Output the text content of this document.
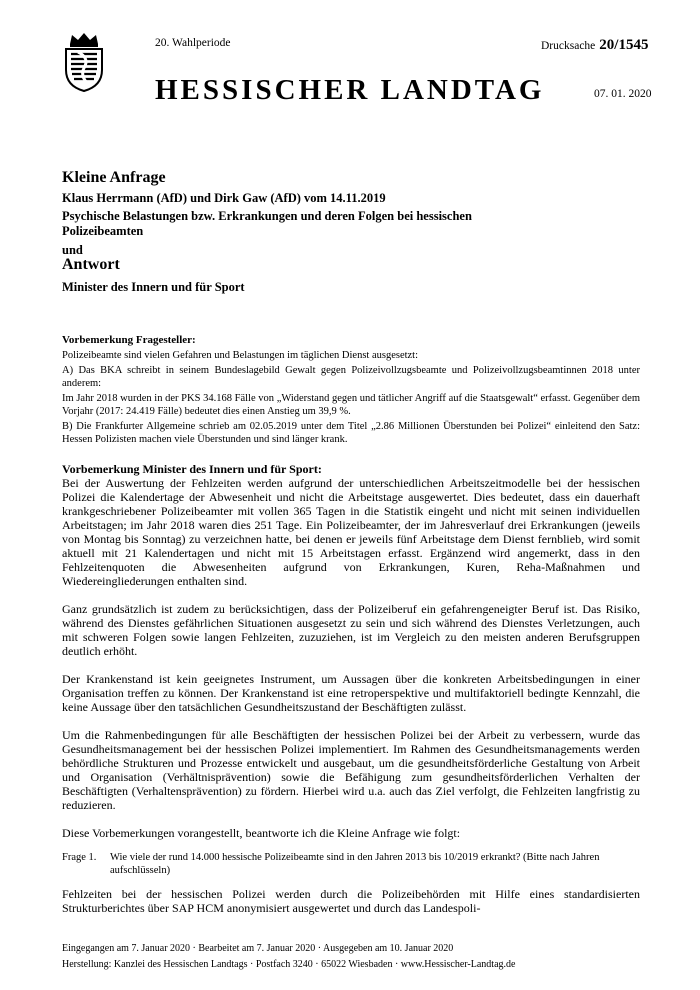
20. Wahlperiode	Drucksache 20/1545
HESSISCHER LANDTAG	07. 01. 2020
Kleine Anfrage
Klaus Herrmann (AfD) und Dirk Gaw (AfD) vom 14.11.2019
Psychische Belastungen bzw. Erkrankungen und deren Folgen bei hessischen Polizeibeamten
und
Antwort
Minister des Innern und für Sport

Vorbemerkung Fragesteller:

Polizeibeamte sind vielen Gefahren und Belastungen im täglichen Dienst ausgesetzt:

A) Das BKA schreibt in seinem Bundeslagebild Gewalt gegen Polizeivollzugsbeamte und Polizeivollzugsbeamtinnen 2018 unter anderem:

Im Jahr 2018 wurden in der PKS 34.168 Fälle von „Widerstand gegen und tätlicher Angriff auf die Staatsgewalt“ erfasst. Gegenüber dem Vorjahr (2017: 24.419 Fälle) bedeutet dies einen Anstieg um 39,9 %.

B) Die Frankfurter Allgemeine schrieb am 02.05.2019 unter dem Titel „2.86 Millionen Überstunden bei Polizei“ einleitend den Satz: Hessen Polizisten machen viele Überstunden und sind länger krank.

Vorbemerkung Minister des Innern und für Sport:

Bei der Auswertung der Fehlzeiten werden aufgrund der unterschiedlichen Arbeitszeitmodelle bei der hessischen Polizei die Kalendertage der Abwesenheit und nicht die Arbeitstage ausgewertet. Dies bedeutet, dass ein dauerhaft krankgeschriebener Polizeibeamter mit vollen 365 Tagen in die Statistik eingeht und nicht mit seinen individuellen Arbeitstagen; im Jahr 2018 waren dies 251 Tage. Ein Polizeibeamter, der im Jahresverlauf drei Erkrankungen (jeweils von Montag bis Sonntag) zu verzeichnen hatte, bei denen er jeweils fünf Arbeitstage dem Dienst fernblieb, wird somit aktuell mit 21 Kalendertagen und nicht mit 15 Arbeitstagen erfasst. Ergänzend wird angemerkt, dass in den Fehlzeitenquoten die Abwesenheiten aufgrund von Erkrankungen, Kuren, Reha-Maßnahmen und Wiedereingliederungen enthalten sind.

Ganz grundsätzlich ist zudem zu berücksichtigen, dass der Polizeiberuf ein gefahrengeneigter Beruf ist. Das Risiko, während des Dienstes gefährlichen Situationen ausgesetzt zu sein und sich während des Dienstes Verletzungen, auch mit schweren Folgen sowie langen Fehlzeiten, zuzuziehen, ist im Vergleich zu den meisten anderen Berufsgruppen deutlich erhöht.

Der Krankenstand ist kein geeignetes Instrument, um Aussagen über die konkreten Arbeitsbedingungen in einer Organisation treffen zu können. Der Krankenstand ist eine retroperspektive und multifaktoriell bedingte Kennzahl, die keine Aussage über den tatsächlichen Gesundheitszustand der Beschäftigten zulässt.

Um die Rahmenbedingungen für alle Beschäftigten der hessischen Polizei bei der Arbeit zu verbessern, wurde das Gesundheitsmanagement bei der hessischen Polizei implementiert. Im Rahmen des Gesundheitsmanagements werden behördliche Strukturen und Prozesse entwickelt und ausgebaut, um die gesundheitsförderliche Gestaltung von Arbeit und Organisation (Verhältnisprävention) sowie die Befähigung zum gesundheitsförderlichen Verhalten der Beschäftigten (Verhaltensprävention) zu fördern. Hierbei wird u.a. auch das Ziel verfolgt, die Fehlzeiten langfristig zu reduzieren.

Diese Vorbemerkungen vorangestellt, beantworte ich die Kleine Anfrage wie folgt:

Frage 1.	Wie viele der rund 14.000 hessische Polizeibeamte sind in den Jahren 2013 bis 10/2019 erkrankt? (Bitte nach Jahren aufschlüsseln)
Fehlzeiten bei der hessischen Polizei werden durch die Polizeibehörden mit Hilfe eines standardisierten Strukturberichtes über SAP HCM anonymisiert ausgewertet und durch das Landespoli-
Eingegangen am 7. Januar 2020 · Bearbeitet am 7. Januar 2020 · Ausgegeben am 10. Januar 2020
Herstellung: Kanzlei des Hessischen Landtags · Postfach 3240 · 65022 Wiesbaden · www.Hessischer-Landtag.de
